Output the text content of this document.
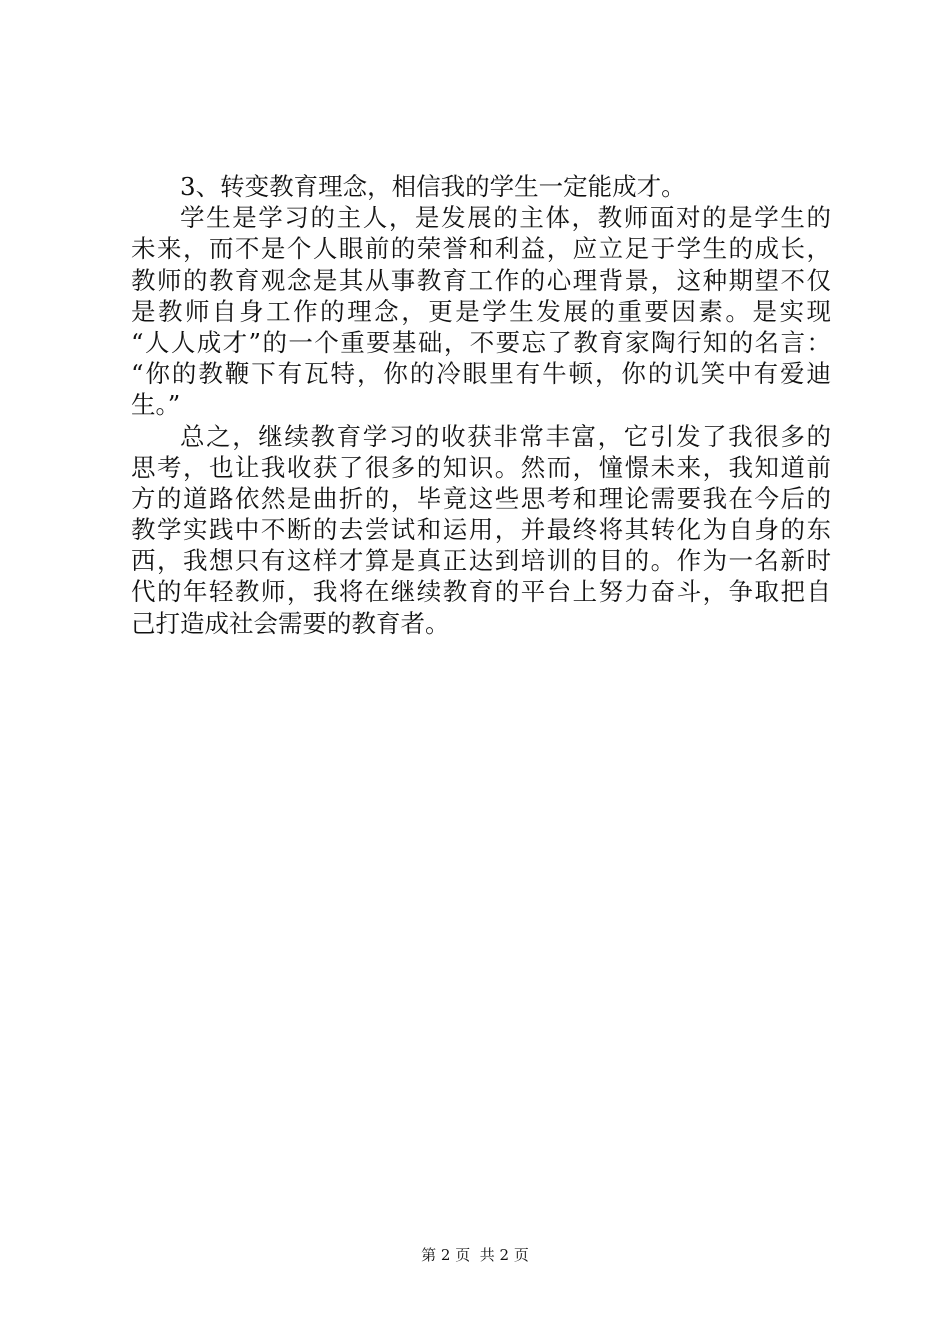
3、转变教育理念，相信我的学生一定能成才。
学生是学习的主人，是发展的主体，教师面对的是学生的
未来，而不是个人眼前的荣誉和利益，应立足于学生的成长，
教师的教育观念是其从事教育工作的心理背景，这种期望不仅
是教师自身工作的理念，更是学生发展的重要因素。是实现
“人人成才”的一个重要基础，不要忘了教育家陶行知的名言：
“你的教鞭下有瓦特，你的冷眼里有牛顿，你的讥笑中有爱迪
生。”
总之，继续教育学习的收获非常丰富，它引发了我很多的
思考，也让我收获了很多的知识。然而，憧憬未来，我知道前
方的道路依然是曲折的，毕竟这些思考和理论需要我在今后的
教学实践中不断的去尝试和运用，并最终将其转化为自身的东
西，我想只有这样才算是真正达到培训的目的。作为一名新时
代的年轻教师，我将在继续教育的平台上努力奋斗，争取把自
己打造成社会需要的教育者。
第 2 页  共 2 页
